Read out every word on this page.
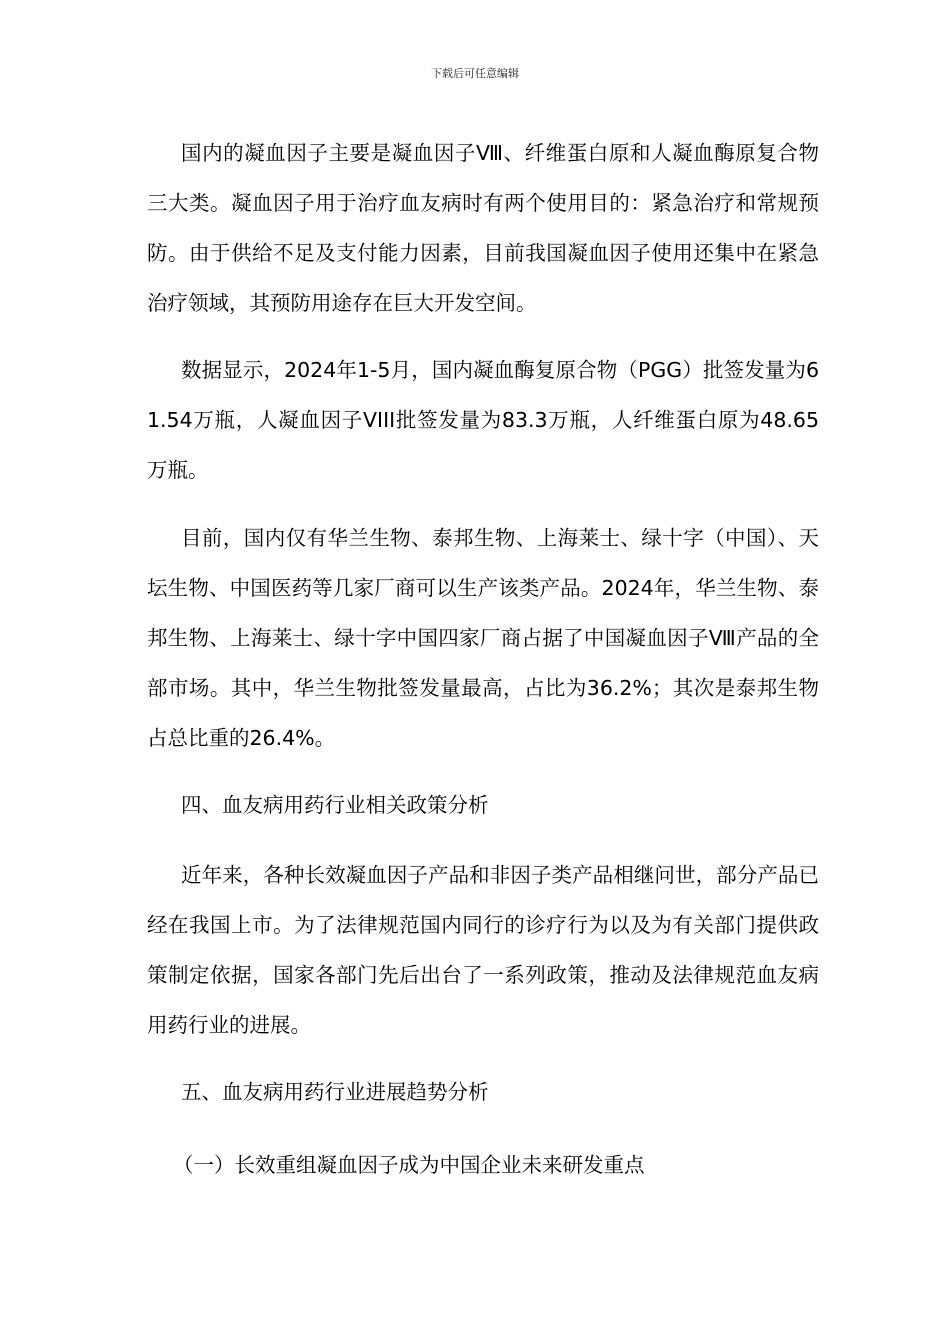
下载后可任意编辑

国内的凝血因子主要是凝血因子Ⅷ、纤维蛋白原和人凝血酶原复合物三大类。凝血因子用于治疗血友病时有两个使用目的：紧急治疗和常规预防。由于供给不足及支付能力因素，目前我国凝血因子使用还集中在紧急治疗领域，其预防用途存在巨大开发空间。

数据显示，2024年1-5月，国内凝血酶复原合物（PGG）批签发量为61.54万瓶，人凝血因子VIII批签发量为83.3万瓶，人纤维蛋白原为48.65万瓶。

目前，国内仅有华兰生物、泰邦生物、上海莱士、绿十字（中国）、天坛生物、中国医药等几家厂商可以生产该类产品。2024年，华兰生物、泰邦生物、上海莱士、绿十字中国四家厂商占据了中国凝血因子Ⅷ产品的全部市场。其中，华兰生物批签发量最高，占比为36.2%；其次是泰邦生物占总比重的26.4%。

四、血友病用药行业相关政策分析

近年来，各种长效凝血因子产品和非因子类产品相继问世，部分产品已经在我国上市。为了法律规范国内同行的诊疗行为以及为有关部门提供政策制定依据，国家各部门先后出台了一系列政策，推动及法律规范血友病用药行业的进展。

五、血友病用药行业进展趋势分析
（一）长效重组凝血因子成为中国企业未来研发重点
